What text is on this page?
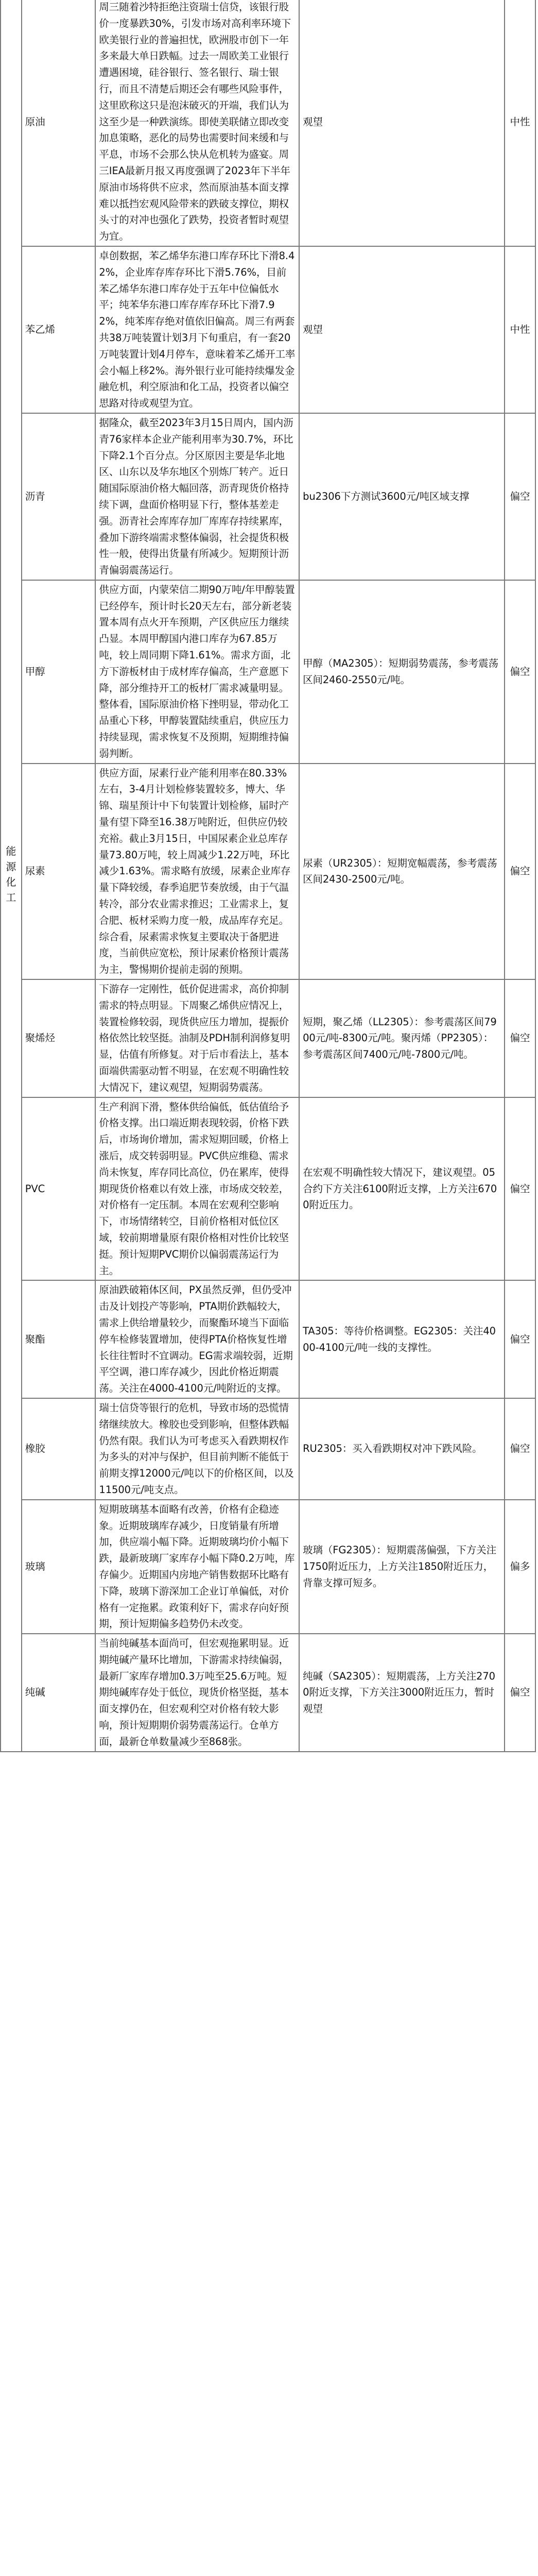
能源化工	原油	周三随着沙特拒绝注资瑞士信贷，该银行股价一度暴跌30%，引发市场对高利率环境下欧美银行业的普遍担忧，欧洲股市创下一年多来最大单日跌幅。过去一周欧美工业银行遭遇困境，硅谷银行、签名银行、瑞士银行，而且不清楚后期还会有哪些风险事件，这里欧称这只是泡沫破灭的开端，我们认为这至少是一种跌演练。即使美联储立即改变加息策略，恶化的局势也需要时间来缓和与平息，市场不会那么快从危机转为盛宴。周三IEA最新月报又再度强调了2023年下半年原油市场将供不应求，然而原油基本面支撑难以抵挡宏观风险带来的跌破支撑位，期权头寸的对冲也强化了跌势，投资者暂时观望为宜。	观望	中性
	苯乙烯	卓创数据，苯乙烯华东港口库存环比下滑8.42%，企业库存库存环比下滑5.76%，目前苯乙烯华东港口库存处于五年中位偏低水平；纯苯华东港口库存库存环比下滑7.92%，纯苯库存绝对值依旧偏高。周三有两套共38万吨装置计划3月下旬重启，有一套20万吨装置计划4月停车，意味着苯乙烯开工率会小幅上移2%。海外银行业可能持续爆发金融危机，利空原油和化工品，投资者以偏空思路对待或观望为宜。	观望	中性
	沥青	据隆众，截至2023年3月15日周内，国内沥青76家样本企业产能利用率为30.7%，环比下降2.1个百分点。分区原因主要是华北地区、山东以及华东地区个别炼厂转产。近日随国际原油价格大幅回落，沥青现货价格持续下调，盘面价格明显下行，整体基差走强。沥青社会库库存加厂库库存持续累库，叠加下游终端需求整体偏弱，社会提货积极性一般，使得出货量有所减少。短期预计沥青偏弱震荡运行。	bu2306下方测试3600元/吨区域支撑	偏空
	甲醇	供应方面，内蒙荣信二期90万吨/年甲醇装置已经停车，预计时长20天左右，部分新老装置本周有点火开车预期，产区供应压力继续凸显。本周甲醇国内港口库存为67.85万吨，较上周同期下降1.61%。需求方面，北方下游板材由于成材库存偏高，生产意愿下降，部分维持开工的板材厂需求减量明显。整体看，国际原油价格下挫明显，带动化工品重心下移，甲醇装置陆续重启，供应压力持续显现，需求恢复不及预期，短期维持偏弱判断。	甲醇（MA2305）：短期弱势震荡，参考震荡区间2460-2550元/吨。	偏空
	尿素	供应方面，尿素行业产能利用率在80.33%左右，3-4月计划检修装置较多，博大、华锦、瑞星预计中下旬装置计划检修，届时产量有望下降至16.38万吨附近，但供应仍较充裕。截止3月15日，中国尿素企业总库存量73.80万吨，较上周减少1.22万吨，环比减少1.63%。需求略有放缓，尿素企业库存量下降较缓，春季追肥节奏放缓，由于气温转冷，部分农业需求推迟；工业需求上，复合肥、板材采购力度一般，成品库存充足。综合看，尿素需求恢复主要取决于备肥进度，当前供应宽松，预计尿素价格预计震荡为主，警惕期价提前走弱的预期。	尿素（UR2305）：短期宽幅震荡，参考震荡区间2430-2500元/吨。	偏空
	聚烯烃	下游存一定刚性，低价促进需求，高价抑制需求的特点明显。下周聚乙烯供应情况上，装置检修较弱，现货供应压力增加，提振价格依然比较坚挺。油制及PDH制利润修复明显，估值有所修复。对于后市看法上，基本面端供需驱动暂不明显，在宏观不明确性较大情况下，建议观望，短期弱势震荡。	短期，聚乙烯（LL2305）：参考震荡区间7900元/吨-8300元/吨。聚丙烯（PP2305）：参考震荡区间7400元/吨-7800元/吨。	偏空
	PVC	生产利润下滑，整体供给偏低，低估值给予价格支撑。出口端近期表现较弱，价格下跌后，市场询价增加，需求短期回暖，价格上涨后，成交转弱明显。PVC供应维稳、需求尚未恢复，库存同比高位，仍在累库，使得期现货价格难以有效上涨，市场成交较差，对价格有一定压制。本周在宏观利空影响下，市场情绪转空，目前价格相对低位区域，较前期增量原有限价格相对性价比较坚挺。预计短期PVC期价以偏弱震荡运行为主。	在宏观不明确性较大情况下，建议观望。05合约下方关注6100附近支撑，上方关注6700附近压力。	偏空
	聚酯	原油跌破箱体区间，PX虽然反弹，但仍受冲击及计划投产等影响，PTA期价跌幅较大，需求上供给增量较少，而聚酯环境当下面临停车检修装置增加，使得PTA价格恢复性增长往往暂时不宜调动。EG需求端较弱，近期平空调，港口库存减少，因此价格近期震荡。关注在4000-4100元/吨附近的支撑。	TA305：等待价格调整。EG2305：关注4000-4100元/吨一线的支撑性。	偏空
	橡胶	瑞士信贷等银行的危机，导致市场的恐慌情绪继续放大。橡胶也受到影响，但整体跌幅仍然有限。我们认为可考虑买入看跌期权作为多头的对冲与保护，但目前判断不能低于前期支撑12000元/吨以下的价格区间，以及11500元/吨支点。	RU2305：买入看跌期权对冲下跌风险。	偏空
	玻璃	短期玻璃基本面略有改善，价格有企稳迹象。近期玻璃库存减少，日度销量有所增加，供应端小幅下降。近期玻璃均价小幅下跌，最新玻璃厂家库存小幅下降0.2万吨，库存偏少。近期国内房地产销售数据环比略有下降，玻璃下游深加工企业订单偏低，对价格有一定拖累。政策利好下，需求存向好预期，预计短期偏多趋势仍未改变。	玻璃（FG2305）：短期震荡偏强，下方关注1750附近压力，上方关注1850附近压力，背靠支撑可短多。	偏多
	纯碱	当前纯碱基本面尚可，但宏观拖累明显。近期纯碱产量环比增加，下游需求持续偏弱，最新厂家库存增加0.3万吨至25.6万吨。短期纯碱库存处于低位，现货价格坚挺，基本面支撑仍在，但宏观利空对价格有较大影响，预计短期期价弱势震荡运行。仓单方面，最新仓单数量减少至868张。	纯碱（SA2305）：短期震荡，上方关注2700附近支撑，下方关注3000附近压力，暂时观望	偏空
